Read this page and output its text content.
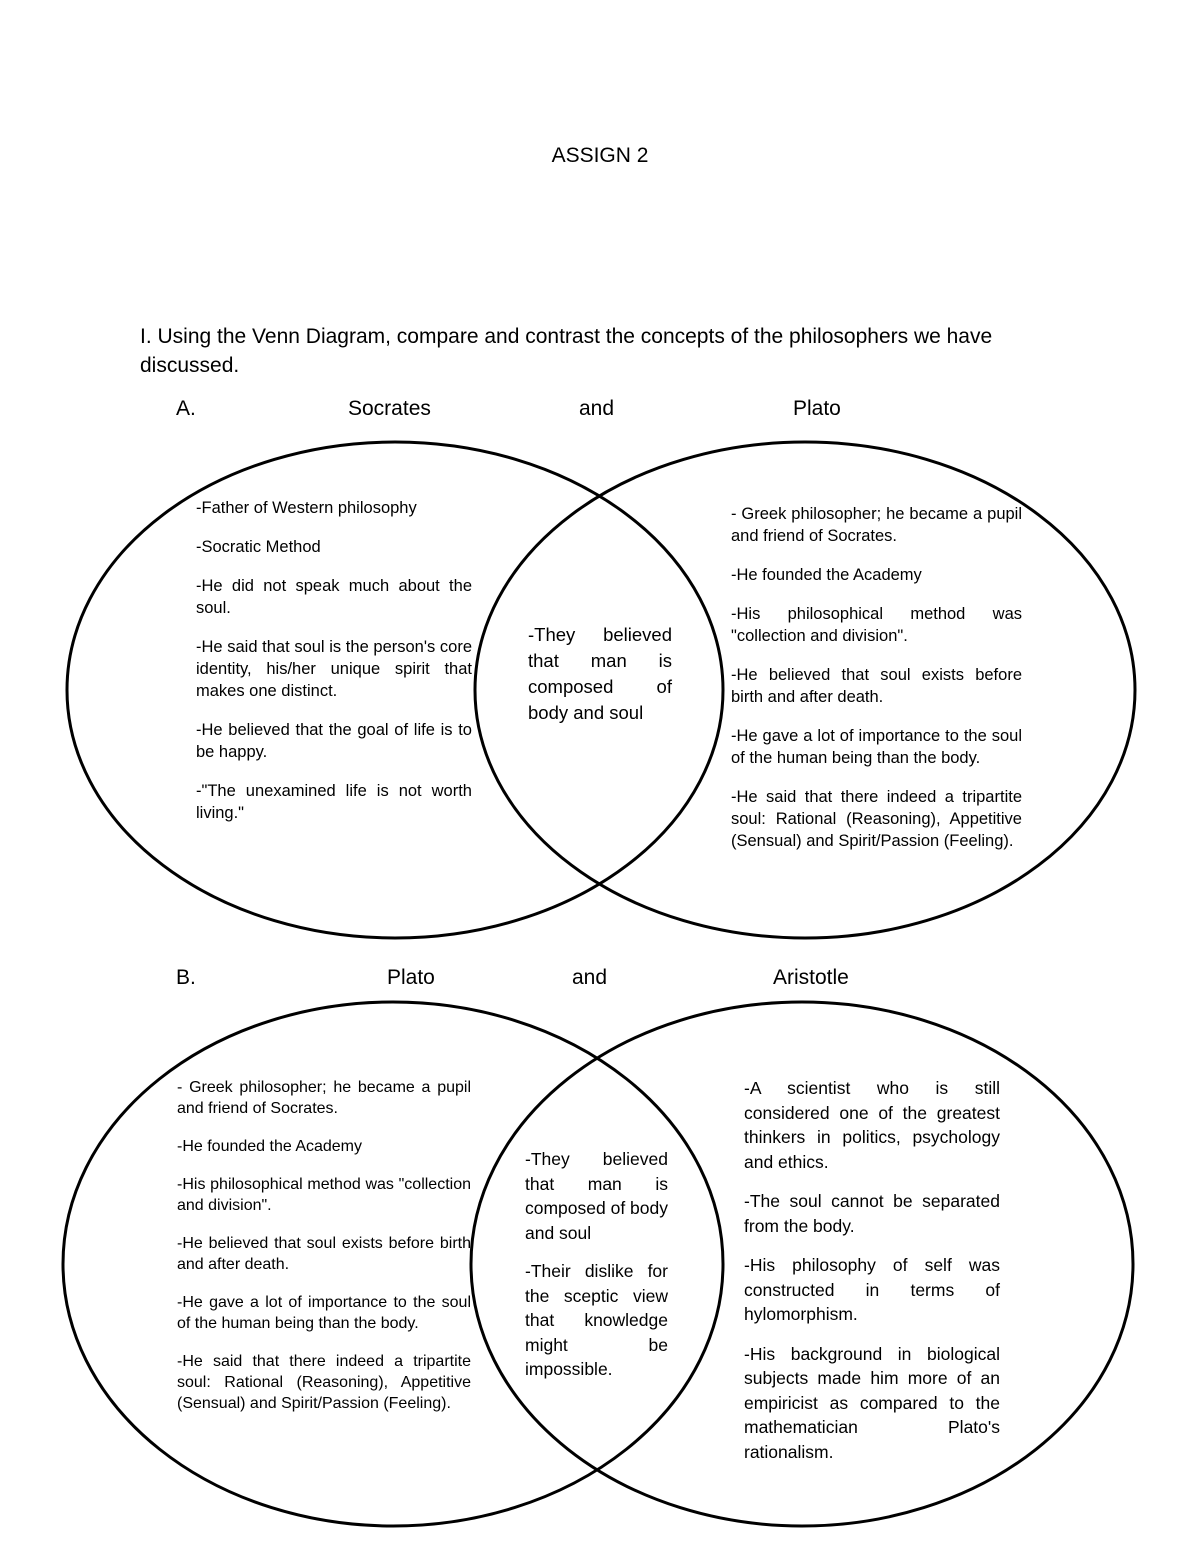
ASSIGN 2
I. Using the Venn Diagram, compare and contrast the concepts of the philosophers we have discussed.
A.	Socrates	and	Plato
B.	Plato	and	Aristotle

-Father of Western philosophy

-Socratic Method

-He did not speak much about the soul.

-He said that soul is the person's core identity, his/her unique spirit that makes one distinct.

-He believed that the goal of life is to be happy.

-"The unexamined life is not worth living."

-They believed that man is composed of body and soul

- Greek philosopher; he became a pupil and friend of Socrates.

-He founded the Academy

-His philosophical method was "collection and division".

-He believed that soul exists before birth and after death.

-He gave a lot of importance to the soul of the human being than the body.

-He said that there indeed a tripartite soul: Rational (Reasoning), Appetitive (Sensual) and Spirit/Passion (Feeling).

- Greek philosopher; he became a pupil and friend of Socrates.

-He founded the Academy

-His philosophical method was "collection and division".

-He believed that soul exists before birth and after death.

-He gave a lot of importance to the soul of the human being than the body.

-He said that there indeed a tripartite soul: Rational (Reasoning), Appetitive (Sensual) and Spirit/Passion (Feeling).

-They believed that man is composed of body and soul

-Their dislike for the sceptic view that knowledge might be impossible.

-A scientist who is still considered one of the greatest thinkers in politics, psychology and ethics.

-The soul cannot be separated from the body.

-His philosophy of self was constructed in terms of hylomorphism.

-His background in biological subjects made him more of an empiricist as compared to the mathematician Plato's rationalism.
